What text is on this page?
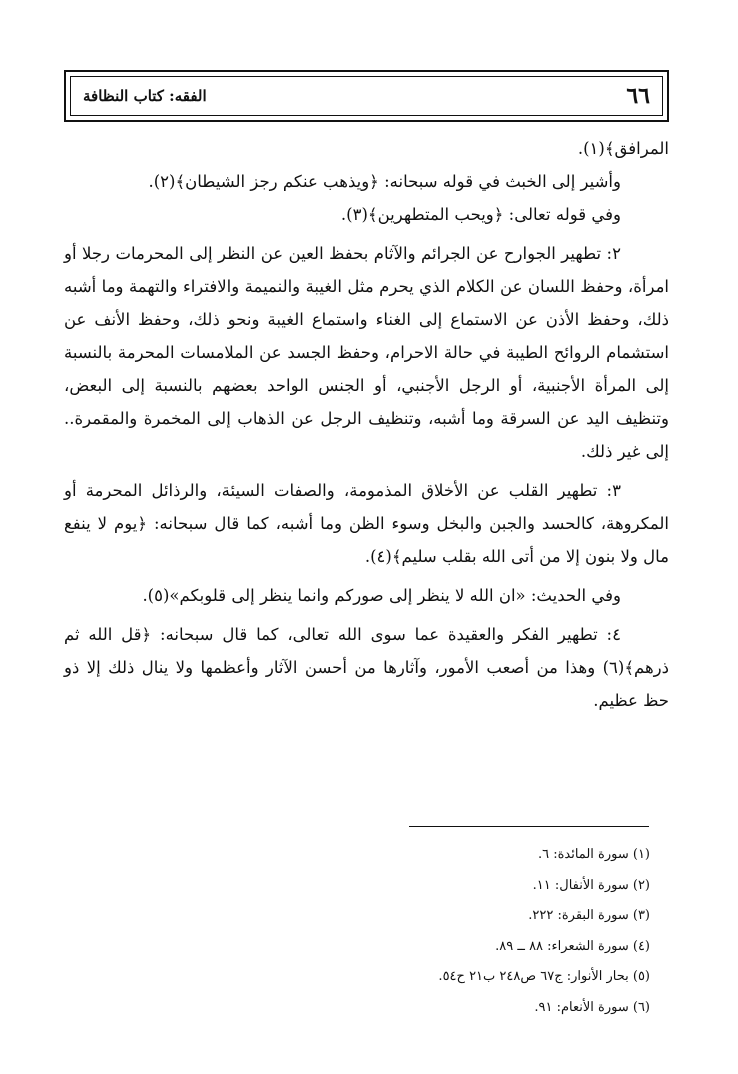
الفقه: كتاب النظافة	٦٦

المرافق﴾(١).

وأشير إلى الخبث في قوله سبحانه: ﴿ويذهب عنكم رجز الشيطان﴾(٢).

وفي قوله تعالى: ﴿ويحب المتطهرين﴾(٣).

٢: تطهير الجوارح عن الجرائم والآثام بحفظ العين عن النظر إلى المحرمات رجلا أو امرأة، وحفظ اللسان عن الكلام الذي يحرم مثل الغيبة والنميمة والافتراء والتهمة وما أشبه ذلك، وحفظ الأذن عن الاستماع إلى الغناء واستماع الغيبة ونحو ذلك، وحفظ الأنف عن استشمام الروائح الطيبة في حالة الاحرام، وحفظ الجسد عن الملامسات المحرمة بالنسبة إلى المرأة الأجنبية، أو الرجل الأجنبي، أو الجنس الواحد بعضهم بالنسبة إلى البعض، وتنظيف اليد عن السرقة وما أشبه، وتنظيف الرجل عن الذهاب إلى المخمرة والمقمرة.. إلى غير ذلك.

٣: تطهير القلب عن الأخلاق المذمومة، والصفات السيئة، والرذائل المحرمة أو المكروهة، كالحسد والجبن والبخل وسوء الظن وما أشبه، كما قال سبحانه: ﴿يوم لا ينفع مال ولا بنون إلا من أتى الله بقلب سليم﴾(٤).

وفي الحديث: «ان الله لا ينظر إلى صوركم وانما ينظر إلى قلوبكم»(٥).

٤: تطهير الفكر والعقيدة عما سوى الله تعالى، كما قال سبحانه: ﴿قل الله ثم ذرهم﴾(٦) وهذا من أصعب الأمور، وآثارها من أحسن الآثار وأعظمها ولا ينال ذلك إلا ذو حظ عظيم.

(١) سورة المائدة: ٦.
(٢) سورة الأنفال: ١١.
(٣) سورة البقرة: ٢٢٢.
(٤) سورة الشعراء: ٨٨ ــ ٨٩.
(٥) بحار الأنوار: ج٦٧ ص٢٤٨ ب٢١ ح٥٤.
(٦) سورة الأنعام: ٩١.
